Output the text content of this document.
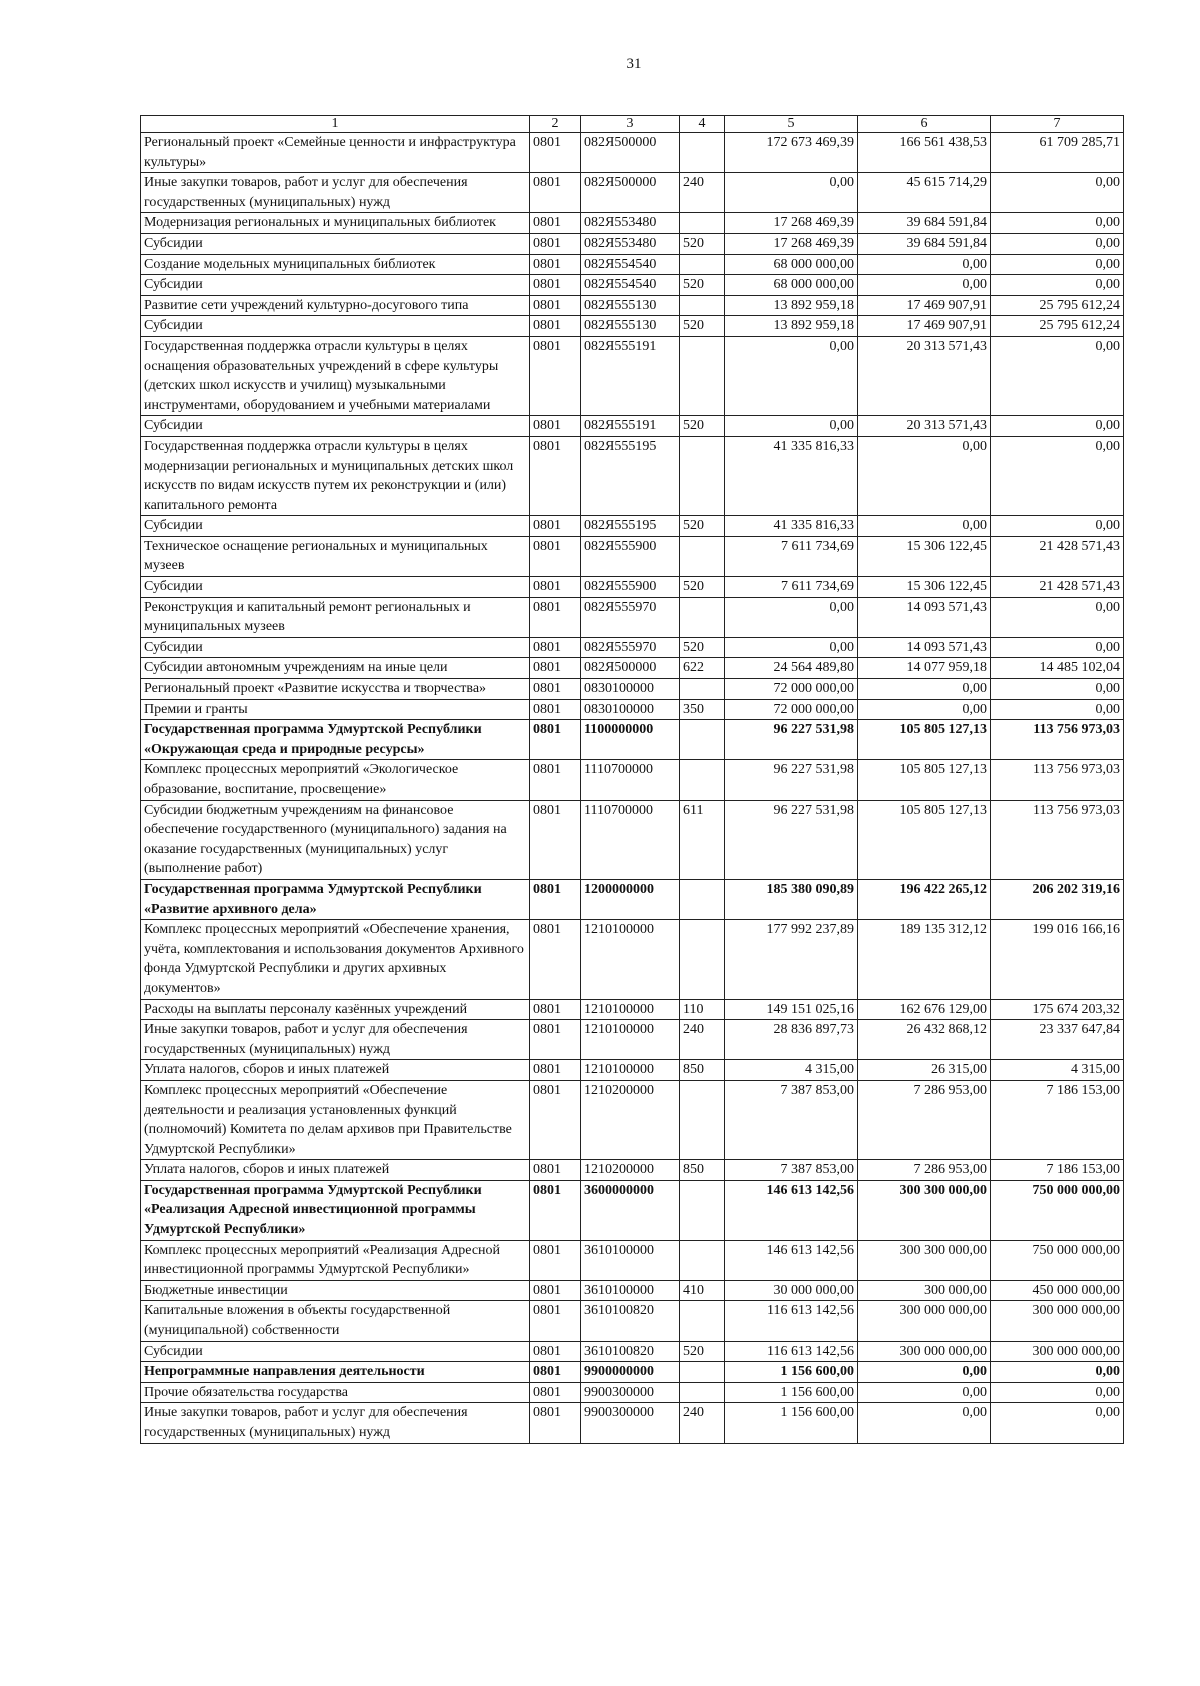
31
1	2	3	4	5	6	7
Региональный проект «Семейные ценности и инфраструктура культуры»	0801	082Я500000		172 673 469,39	166 561 438,53	61 709 285,71
Иные закупки товаров, работ и услуг для обеспечения государственных (муниципальных) нужд	0801	082Я500000	240	0,00	45 615 714,29	0,00
Модернизация региональных и муниципальных библиотек	0801	082Я553480		17 268 469,39	39 684 591,84	0,00
Субсидии	0801	082Я553480	520	17 268 469,39	39 684 591,84	0,00
Создание модельных муниципальных библиотек	0801	082Я554540		68 000 000,00	0,00	0,00
Субсидии	0801	082Я554540	520	68 000 000,00	0,00	0,00
Развитие сети учреждений культурно-досугового типа	0801	082Я555130		13 892 959,18	17 469 907,91	25 795 612,24
Субсидии	0801	082Я555130	520	13 892 959,18	17 469 907,91	25 795 612,24
Государственная поддержка отрасли культуры в целях оснащения образовательных учреждений в сфере культуры (детских школ искусств и училищ) музыкальными инструментами, оборудованием и учебными материалами	0801	082Я555191		0,00	20 313 571,43	0,00
Субсидии	0801	082Я555191	520	0,00	20 313 571,43	0,00
Государственная поддержка отрасли культуры в целях модернизации региональных и муниципальных детских школ искусств по видам искусств путем их реконструкции и (или) капитального ремонта	0801	082Я555195		41 335 816,33	0,00	0,00
Субсидии	0801	082Я555195	520	41 335 816,33	0,00	0,00
Техническое оснащение региональных и муниципальных музеев	0801	082Я555900		7 611 734,69	15 306 122,45	21 428 571,43
Субсидии	0801	082Я555900	520	7 611 734,69	15 306 122,45	21 428 571,43
Реконструкция и капитальный ремонт региональных и муниципальных музеев	0801	082Я555970		0,00	14 093 571,43	0,00
Субсидии	0801	082Я555970	520	0,00	14 093 571,43	0,00
Субсидии автономным учреждениям на иные цели	0801	082Я500000	622	24 564 489,80	14 077 959,18	14 485 102,04
Региональный проект «Развитие искусства и творчества»	0801	0830100000		72 000 000,00	0,00	0,00
Премии и гранты	0801	0830100000	350	72 000 000,00	0,00	0,00
Государственная программа Удмуртской Республики «Окружающая среда и природные ресурсы»	0801	1100000000		96 227 531,98	105 805 127,13	113 756 973,03
Комплекс процессных мероприятий «Экологическое образование, воспитание, просвещение»	0801	1110700000		96 227 531,98	105 805 127,13	113 756 973,03
Субсидии бюджетным учреждениям на финансовое обеспечение государственного (муниципального) задания на оказание государственных (муниципальных) услуг (выполнение работ)	0801	1110700000	611	96 227 531,98	105 805 127,13	113 756 973,03
Государственная программа Удмуртской Республики «Развитие архивного дела»	0801	1200000000		185 380 090,89	196 422 265,12	206 202 319,16
Комплекс процессных мероприятий «Обеспечение хранения, учёта, комплектования и использования документов Архивного фонда Удмуртской Республики и других архивных документов»	0801	1210100000		177 992 237,89	189 135 312,12	199 016 166,16
Расходы на выплаты персоналу казённых учреждений	0801	1210100000	110	149 151 025,16	162 676 129,00	175 674 203,32
Иные закупки товаров, работ и услуг для обеспечения государственных (муниципальных) нужд	0801	1210100000	240	28 836 897,73	26 432 868,12	23 337 647,84
Уплата налогов, сборов и иных платежей	0801	1210100000	850	4 315,00	26 315,00	4 315,00
Комплекс процессных мероприятий «Обеспечение деятельности и реализация установленных функций (полномочий) Комитета по делам архивов при Правительстве Удмуртской Республики»	0801	1210200000		7 387 853,00	7 286 953,00	7 186 153,00
Уплата налогов, сборов и иных платежей	0801	1210200000	850	7 387 853,00	7 286 953,00	7 186 153,00
Государственная программа Удмуртской Республики «Реализация Адресной инвестиционной программы Удмуртской Республики»	0801	3600000000		146 613 142,56	300 300 000,00	750 000 000,00
Комплекс процессных мероприятий «Реализация Адресной инвестиционной программы Удмуртской Республики»	0801	3610100000		146 613 142,56	300 300 000,00	750 000 000,00
Бюджетные инвестиции	0801	3610100000	410	30 000 000,00	300 000,00	450 000 000,00
Капитальные вложения в объекты государственной (муниципальной) собственности	0801	3610100820		116 613 142,56	300 000 000,00	300 000 000,00
Субсидии	0801	3610100820	520	116 613 142,56	300 000 000,00	300 000 000,00
Непрограммные направления деятельности	0801	9900000000		1 156 600,00	0,00	0,00
Прочие обязательства государства	0801	9900300000		1 156 600,00	0,00	0,00
Иные закупки товаров, работ и услуг для обеспечения государственных (муниципальных) нужд	0801	9900300000	240	1 156 600,00	0,00	0,00
